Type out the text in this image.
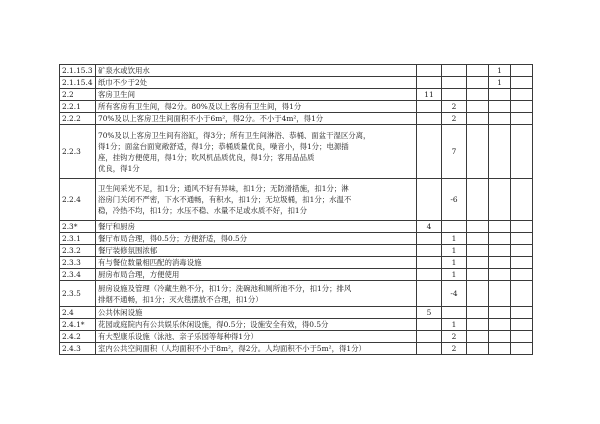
2.1.15.3	矿泉水或饮用水				1	
2.1.15.4	纸巾不少于2处				1	
2.2	客房卫生间	11				
2.2.1	所有客房有卫生间，得2分。80%及以上客房有卫生间，得1分		2			
2.2.2	70%及以上客房卫生间面积不小于6m²，得2分。不小于4m²，得1分		2			
2.2.3	70%及以上客房卫生间有浴缸，得3分；所有卫生间淋浴、恭桶、面盆干湿区分离，
得1分；面盆台面宽敞舒适，得1分；恭桶质量优良，噪音小，得1分；电源插
座，挂钩方便使用，得1分；吹风机品质优良，得1分；客用品品质
优良，得1分		7			
2.2.4	卫生间采光不足，扣1分；通风不好有异味，扣1分；无防滑措施，扣1分；淋
浴房门关闭不严密，下水不通畅，有积水，扣1分；无垃圾桶，扣1分；水温不
稳，冷热不均，扣1分；水压不稳、水量不足或水质不好，扣1分		-6			
2.3*	餐厅和厨房	4				
2.3.1	餐厅布局合理，得0.5分；方便舒适，得0.5分		1			
2.3.2	餐厅装修氛围浓郁		1			
2.3.3	有与餐位数量相匹配的消毒设施		1			
2.3.4	厨房布局合理，方便使用		1			
2.3.5	厨房设施及管理（冷藏生熟不分，扣1分；洗碗池和厕所池不分，扣1分；排风
排烟不通畅，扣1分；灭火毯摆放不合理，扣1分）		-4			
2.4	公共休闲设施	5				
2.4.1*	花园或庭院内有公共娱乐休闲设施，得0.5分；设施安全有效，得0.5分		1			
2.4.2	有大型康乐设施（泳池、亲子乐园等每种得1分）		2			
2.4.3	室内公共空间面积（人均面积不小于8m²，得2分。人均面积不小于5m²，得1分）		2			
